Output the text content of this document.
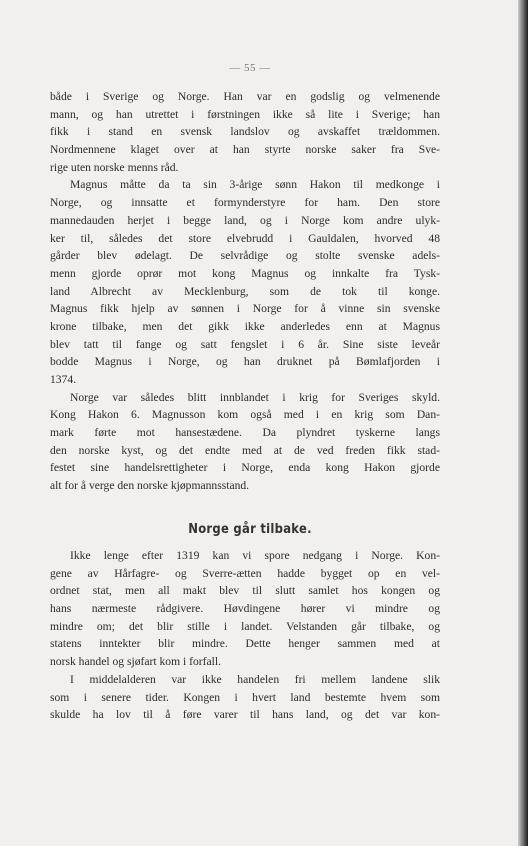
— 55 —
både i Sverige og Norge. Han var en godslig og velmenende
mann, og han utrettet i førstningen ikke så lite i Sverige; han
fikk i stand en svensk landslov og avskaffet trældommen.
Nordmennene klaget over at han styrte norske saker fra Sve-
rige uten norske menns råd.
Magnus måtte da ta sin 3-årige sønn Hakon til medkonge i
Norge, og innsatte et formynderstyre for ham. Den store
mannedauden herjet i begge land, og i Norge kom andre ulyk-
ker til, således det store elvebrudd i Gauldalen, hvorved 48
gårder blev ødelagt. De selvrådige og stolte svenske adels-
menn gjorde oprør mot kong Magnus og innkalte fra Tysk-
land Albrecht av Mecklenburg, som de tok til konge.
Magnus fikk hjelp av sønnen i Norge for å vinne sin svenske
krone tilbake, men det gikk ikke anderledes enn at Magnus
blev tatt til fange og satt fengslet i 6 år. Sine siste leveår
bodde Magnus i Norge, og han druknet på Bømlafjorden i
1374.
Norge var således blitt innblandet i krig for Sveriges skyld.
Kong Hakon 6. Magnusson kom også med i en krig som Dan-
mark førte mot hansestædene. Da plyndret tyskerne langs
den norske kyst, og det endte med at de ved freden fikk stad-
festet sine handelsrettigheter i Norge, enda kong Hakon gjorde
alt for å verge den norske kjøpmannsstand.
Norge går tilbake.
Ikke lenge efter 1319 kan vi spore nedgang i Norge. Kon-
gene av Hårfagre- og Sverre-ætten hadde bygget op en vel-
ordnet stat, men all makt blev til slutt samlet hos kongen og
hans nærmeste rådgivere. Høvdingene hører vi mindre og
mindre om; det blir stille i landet. Velstanden går tilbake, og
statens inntekter blir mindre. Dette henger sammen med at
norsk handel og sjøfart kom i forfall.
I middelalderen var ikke handelen fri mellem landene slik
som i senere tider. Kongen i hvert land bestemte hvem som
skulde ha lov til å føre varer til hans land, og det var kon-
